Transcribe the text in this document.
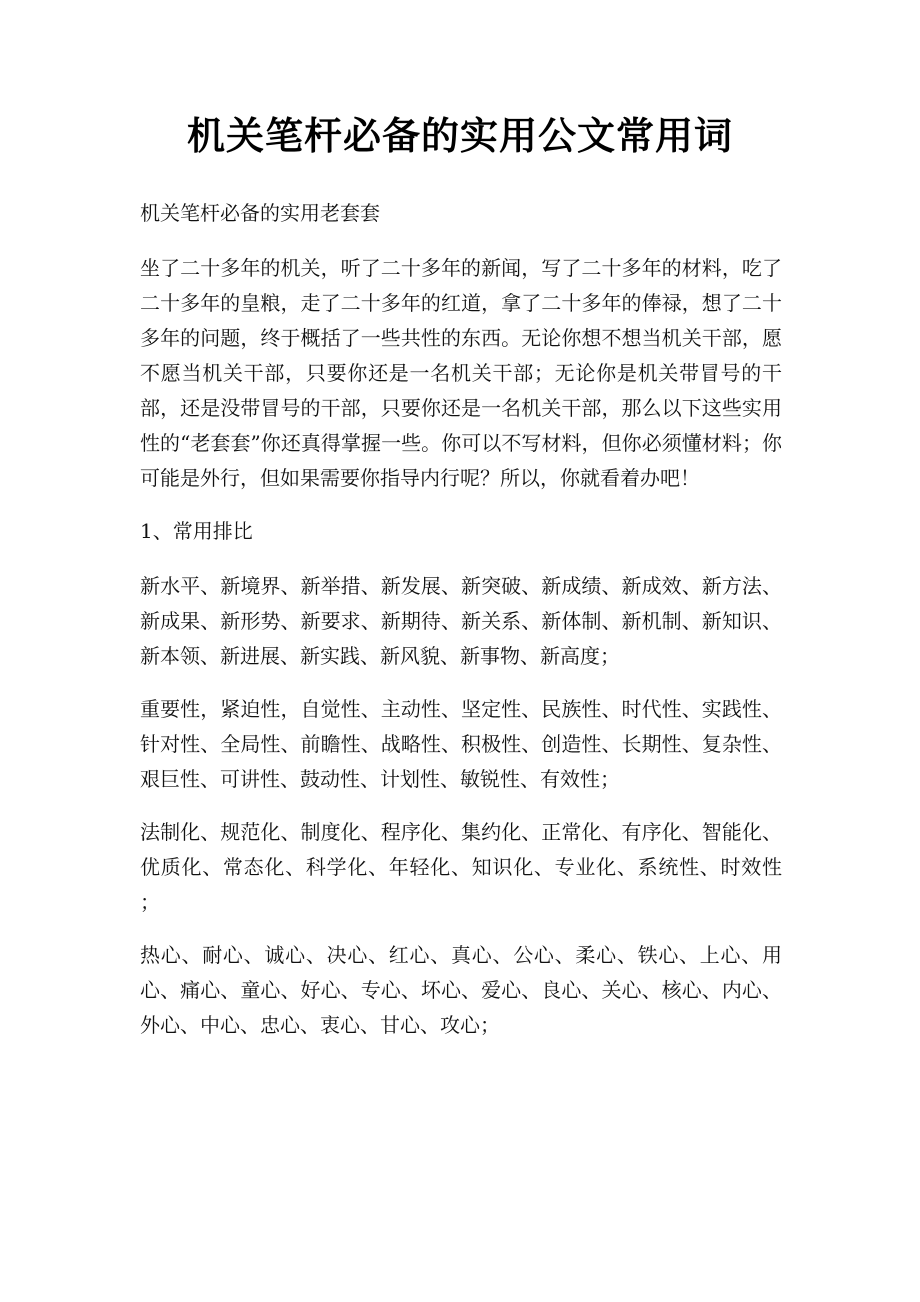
机关笔杆必备的实用公文常用词

机关笔杆必备的实用老套套

坐了二十多年的机关，听了二十多年的新闻，写了二十多年的材料，吃了二十多年的皇粮，走了二十多年的红道，拿了二十多年的俸禄，想了二十多年的问题，终于概括了一些共性的东西。无论你想不想当机关干部，愿不愿当机关干部，只要你还是一名机关干部；无论你是机关带冒号的干部，还是没带冒号的干部，只要你还是一名机关干部，那么以下这些实用性的“老套套”你还真得掌握一些。你可以不写材料，但你必须懂材料；你可能是外行，但如果需要你指导内行呢？所以，你就看着办吧！

1、常用排比

新水平、新境界、新举措、新发展、新突破、新成绩、新成效、新方法、新成果、新形势、新要求、新期待、新关系、新体制、新机制、新知识、新本领、新进展、新实践、新风貌、新事物、新高度；

重要性，紧迫性，自觉性、主动性、坚定性、民族性、时代性、实践性、针对性、全局性、前瞻性、战略性、积极性、创造性、长期性、复杂性、艰巨性、可讲性、鼓动性、计划性、敏锐性、有效性；

法制化、规范化、制度化、程序化、集约化、正常化、有序化、智能化、优质化、常态化、科学化、年轻化、知识化、专业化、系统性、时效性 ；

热心、耐心、诚心、决心、红心、真心、公心、柔心、铁心、上心、用心、痛心、童心、好心、专心、坏心、爱心、良心、关心、核心、内心、外心、中心、忠心、衷心、甘心、攻心；
